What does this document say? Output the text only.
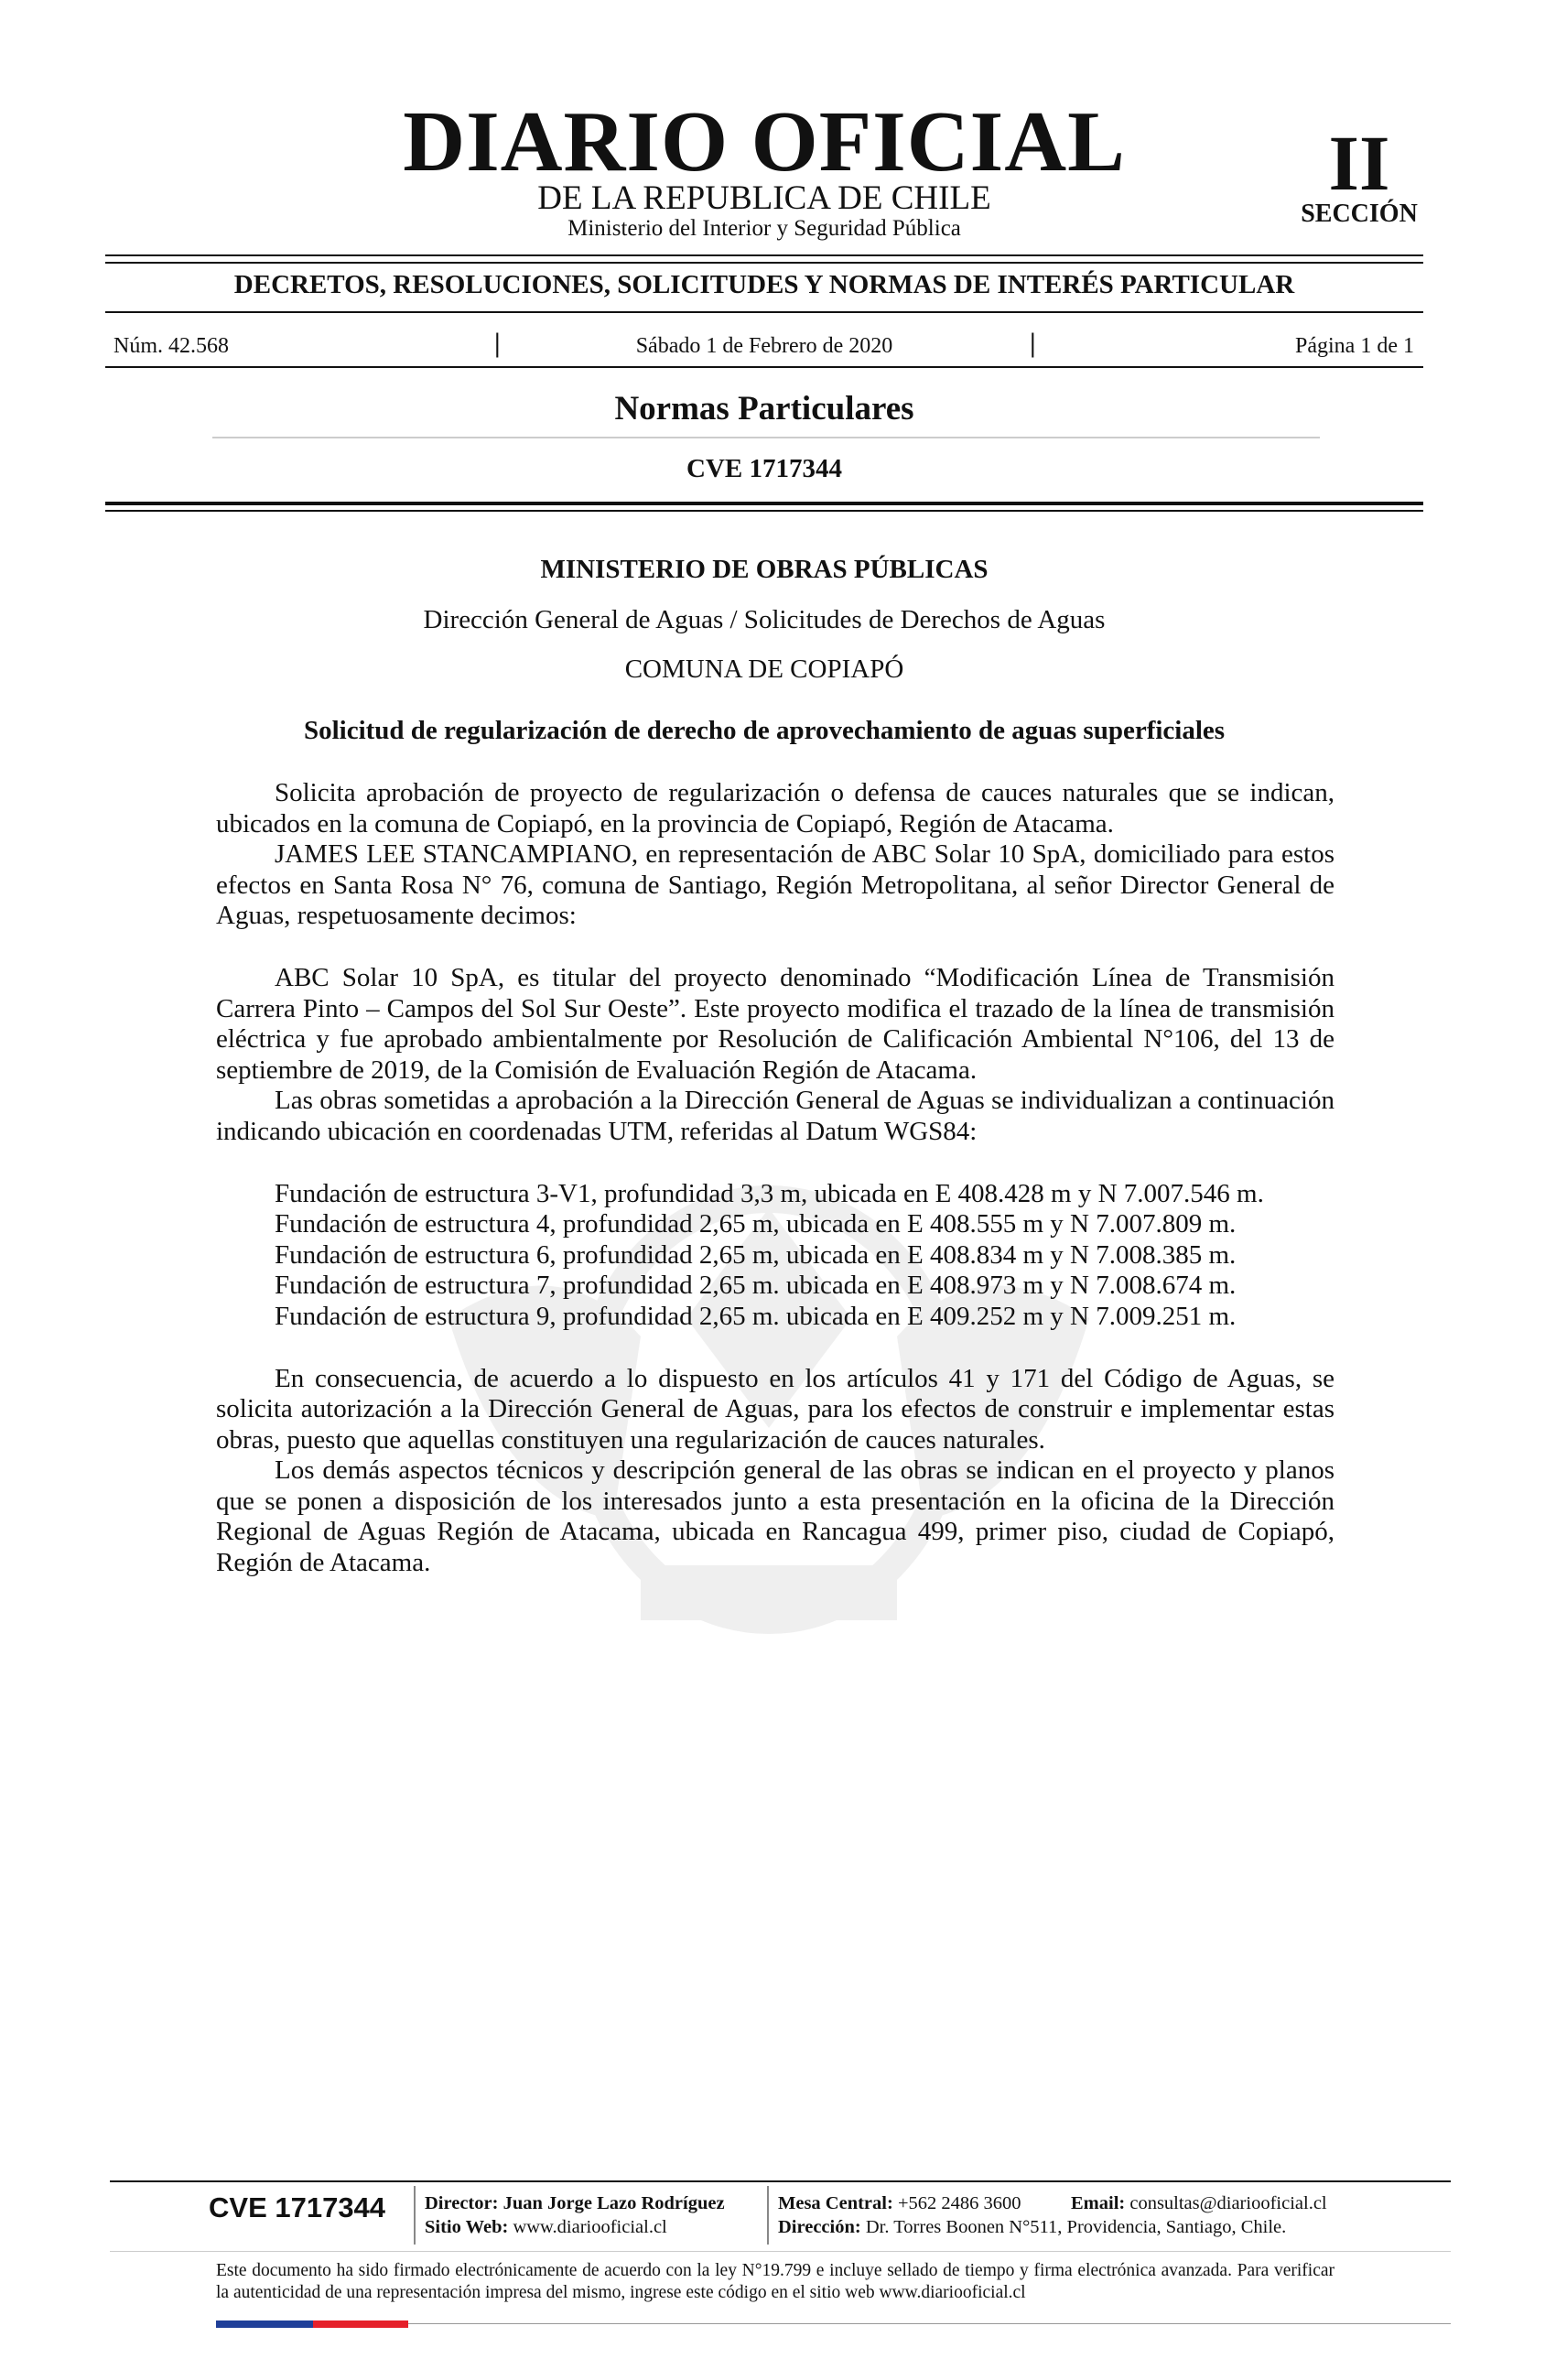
DIARIO OFICIAL
DE LA REPUBLICA DE CHILE
Ministerio del Interior y Seguridad Pública
II
SECCIÓN
DECRETOS, RESOLUCIONES, SOLICITUDES Y NORMAS DE INTERÉS PARTICULAR
Núm. 42.568	|	Sábado 1 de Febrero de 2020	|	Página 1 de 1
Normas Particulares
CVE 1717344
MINISTERIO DE OBRAS PÚBLICAS
Dirección General de Aguas / Solicitudes de Derechos de Aguas
COMUNA DE COPIAPÓ
Solicitud de regularización de derecho de aprovechamiento de aguas superficiales

Solicita aprobación de proyecto de regularización o defensa de cauces naturales que se indican, ubicados en la comuna de Copiapó, en la provincia de Copiapó, Región de Atacama.

JAMES LEE STANCAMPIANO, en representación de ABC Solar 10 SpA, domiciliado para estos efectos en Santa Rosa N° 76, comuna de Santiago, Región Metropolitana, al señor Director General de Aguas, respetuosamente decimos:

ABC Solar 10 SpA, es titular del proyecto denominado “Modificación Línea de Transmisión Carrera Pinto – Campos del Sol Sur Oeste”. Este proyecto modifica el trazado de la línea de transmisión eléctrica y fue aprobado ambientalmente por Resolución de Calificación Ambiental N°106, del 13 de septiembre de 2019, de la Comisión de Evaluación Región de Atacama.

Las obras sometidas a aprobación a la Dirección General de Aguas se individualizan a continuación indicando ubicación en coordenadas UTM, referidas al Datum WGS84:

Fundación de estructura 3-V1, profundidad 3,3 m, ubicada en E 408.428 m y N 7.007.546 m.

Fundación de estructura 4, profundidad 2,65 m, ubicada en E 408.555 m y N 7.007.809 m.

Fundación de estructura 6, profundidad 2,65 m, ubicada en E 408.834 m y N 7.008.385 m.

Fundación de estructura 7, profundidad 2,65 m. ubicada en E 408.973 m y N 7.008.674 m.

Fundación de estructura 9, profundidad 2,65 m. ubicada en E 409.252 m y N 7.009.251 m.

En consecuencia, de acuerdo a lo dispuesto en los artículos 41 y 171 del Código de Aguas, se solicita autorización a la Dirección General de Aguas, para los efectos de construir e implementar estas obras, puesto que aquellas constituyen una regularización de cauces naturales.

Los demás aspectos técnicos y descripción general de las obras se indican en el proyecto y planos que se ponen a disposición de los interesados junto a esta presentación en la oficina de la Dirección Regional de Aguas Región de Atacama, ubicada en Rancagua 499, primer piso, ciudad de Copiapó, Región de Atacama.

CVE 1717344 Director: Juan Jorge Lazo Rodríguez
Sitio Web: www.diariooficial.cl
Mesa Central: +562 2486 3600	Email: consultas@diariooficial.cl
Dirección: Dr. Torres Boonen N°511, Providencia, Santiago, Chile.
Este documento ha sido firmado electrónicamente de acuerdo con la ley N°19.799 e incluye sellado de tiempo y firma electrónica avanzada. Para verificar la autenticidad de una representación impresa del mismo, ingrese este código en el sitio web www.diariooficial.cl
